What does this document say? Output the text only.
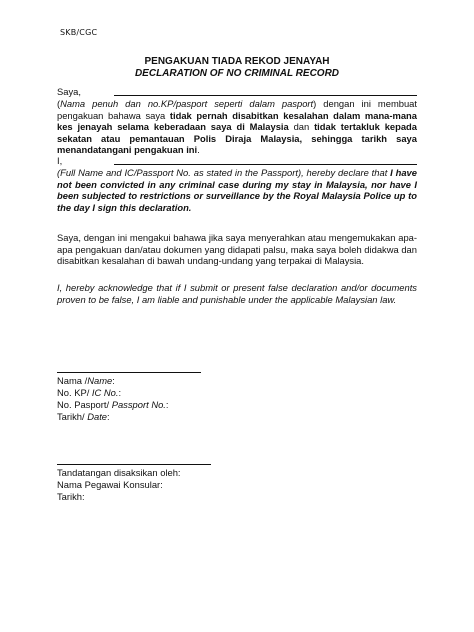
SKB/CGC
PENGAKUAN TIADA REKOD JENAYAH
DECLARATION OF NO CRIMINAL RECORD
Saya,
(Nama penuh dan no.KP/pasport seperti dalam pasport) dengan ini membuat pengakuan bahawa saya tidak pernah disabitkan kesalahan dalam mana-mana kes jenayah selama keberadaan saya di Malaysia dan tidak tertakluk kepada sekatan atau pemantauan Polis Diraja Malaysia, sehingga tarikh saya menandatangani pengakuan ini.
I,
(Full Name and IC/Passport No. as stated in the Passport), hereby declare that I have not been convicted in any criminal case during my stay in Malaysia, nor have I been subjected to restrictions or surveillance by the Royal Malaysia Police up to the day I sign this declaration.
Saya, dengan ini mengakui bahawa jika saya menyerahkan atau mengemukakan apa-apa pengakuan dan/atau dokumen yang didapati palsu, maka saya boleh didakwa dan disabitkan kesalahan di bawah undang-undang yang terpakai di Malaysia.
I, hereby acknowledge that if I submit or present false declaration and/or documents proven to be false, I am liable and punishable under the applicable Malaysian law.
Nama /Name:
No. KP/ IC No.:
No. Pasport/ Passport No.:
Tarikh/ Date:
Tandatangan disaksikan oleh:
Nama Pegawai Konsular:
Tarikh:
